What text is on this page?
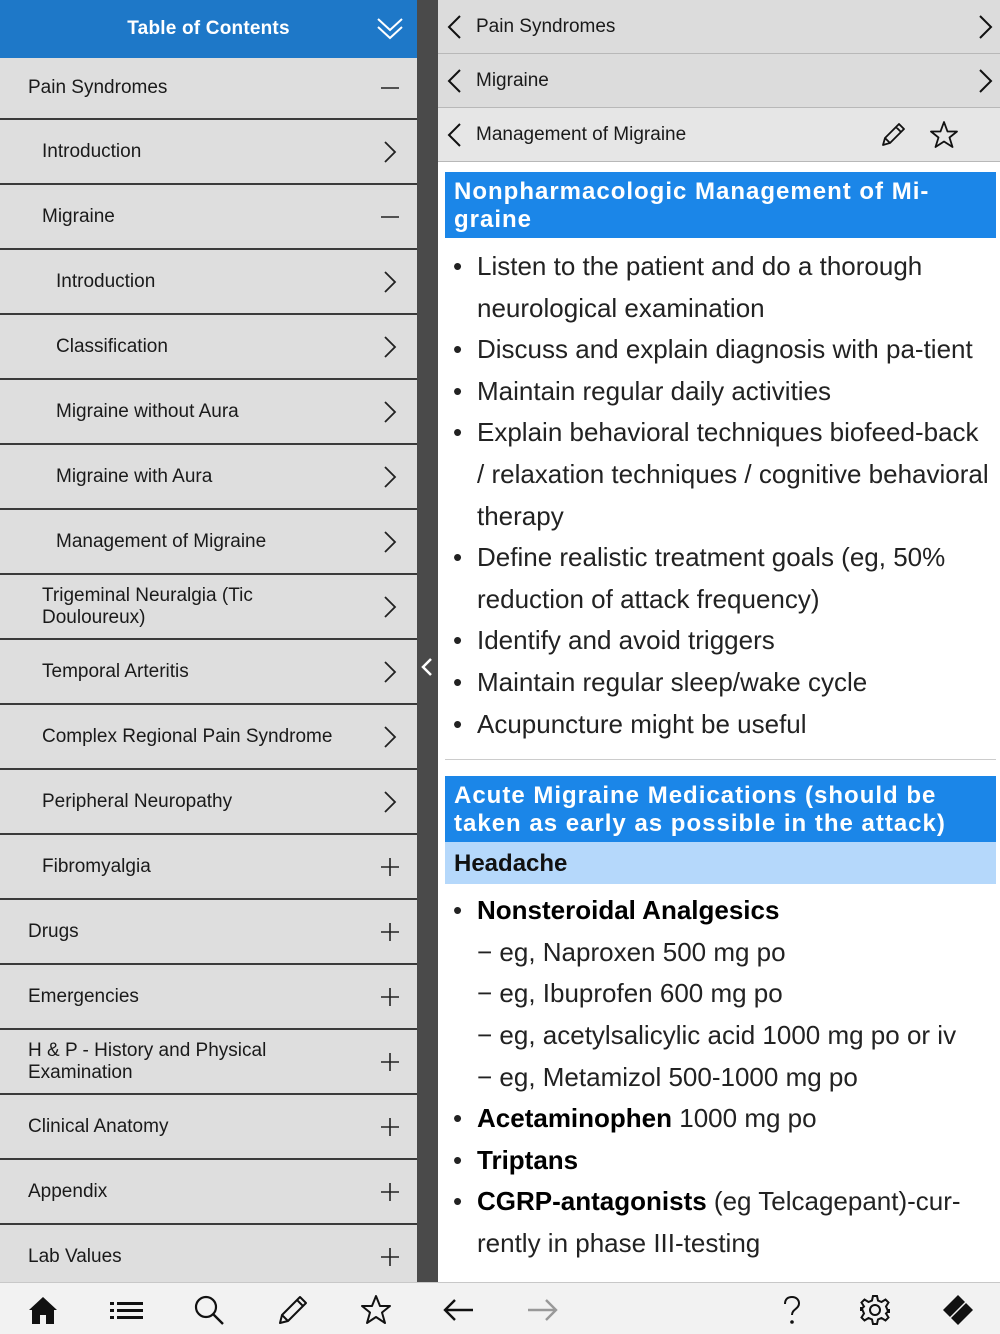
Table of Contents
Pain Syndromes
Introduction
Migraine
Introduction
Classification
Migraine without Aura
Migraine with Aura
Management of Migraine
Trigeminal Neuralgia (Tic Douloureux)
Temporal Arteritis
Complex Regional Pain Syndrome
Peripheral Neuropathy
Fibromyalgia
Drugs
Emergencies
H & P - History and Physical Examination
Clinical Anatomy
Appendix
Lab Values
Pain Syndromes
Migraine
Management of Migraine
Nonpharmacologic Management of Mi-graine
• Listen to the patient and do a thorough neurological examination
• Discuss and explain diagnosis with pa-tient
• Maintain regular daily activities
• Explain behavioral techniques biofeed-back / relaxation techniques / cognitive behavioral therapy
• Define realistic treatment goals (eg, 50% reduction of attack frequency)
• Identify and avoid triggers
• Maintain regular sleep/wake cycle
• Acupuncture might be useful
Acute Migraine Medications (should be taken as early as possible in the attack)
Headache
• Nonsteroidal Analgesics
− eg, Naproxen 500 mg po
− eg, Ibuprofen 600 mg po
− eg, acetylsalicylic acid 1000 mg po or iv
− eg, Metamizol 500-1000 mg po
• Acetaminophen 1000 mg po
• Triptans
• CGRP-antagonists (eg Telcagepant)-cur-rently in phase III-testing
